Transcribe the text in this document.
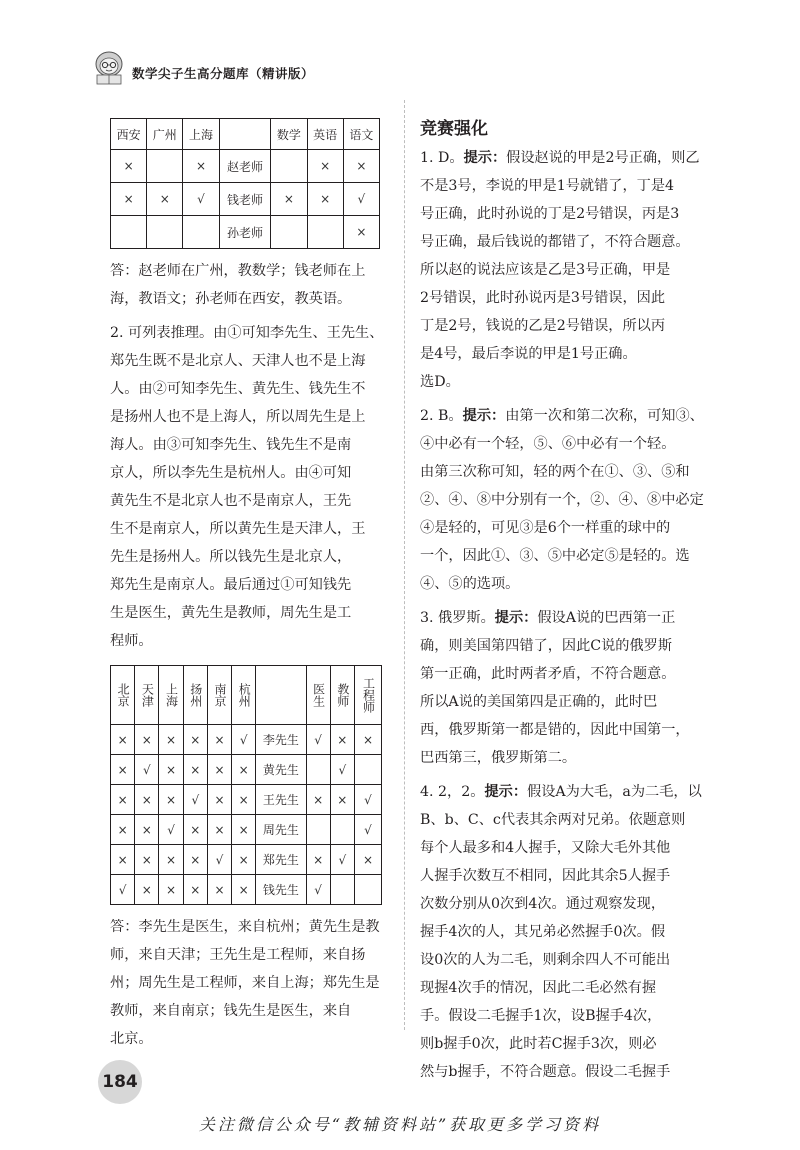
数学尖子生高分题库（精讲版）
西安	广州	上海		数学	英语	语文
×		×	赵老师		×	×
×	×	√	钱老师	×	×	√
			孙老师			×

答：赵老师在广州，教数学；钱老师在上

海，教语文；孙老师在西安，教英语。

2. 可列表推理。由①可知李先生、王先生、

郑先生既不是北京人、天津人也不是上海

人。由②可知李先生、黄先生、钱先生不

是扬州人也不是上海人，所以周先生是上

海人。由③可知李先生、钱先生不是南

京人，所以李先生是杭州人。由④可知

黄先生不是北京人也不是南京人，王先

生不是南京人，所以黄先生是天津人，王

先生是扬州人。所以钱先生是北京人，

郑先生是南京人。最后通过①可知钱先

生是医生，黄先生是教师，周先生是工

程师。

北京	天津	上海	扬州	南京	杭州		医生	教师	工程师

×	×	×	×	×	√	李先生	√	×	×
×	√	×	×	×	×	黄先生		√	
×	×	×	√	×	×	王先生	×	×	√
×	×	√	×	×	×	周先生			√
×	×	×	×	√	×	郑先生	×	√	×
√	×	×	×	×	×	钱先生	√		

答：李先生是医生，来自杭州；黄先生是教

师，来自天津；王先生是工程师，来自扬

州；周先生是工程师，来自上海；郑先生是

教师，来自南京；钱先生是医生，来自

北京。

竞赛强化

1. D。提示：假设赵说的甲是2号正确，则乙

不是3号，李说的甲是1号就错了，丁是4

号正确，此时孙说的丁是2号错误，丙是3

号正确，最后钱说的都错了，不符合题意。

所以赵的说法应该是乙是3号正确，甲是

2号错误，此时孙说丙是3号错误，因此

丁是2号，钱说的乙是2号错误，所以丙

是4号，最后李说的甲是1号正确。

选D。

2. B。提示：由第一次和第二次称，可知③、

④中必有一个轻，⑤、⑥中必有一个轻。

由第三次称可知，轻的两个在①、③、⑤和

②、④、⑧中分别有一个，②、④、⑧中必定

④是轻的，可见③是6个一样重的球中的

一个，因此①、③、⑤中必定⑤是轻的。选

④、⑤的选项。

3. 俄罗斯。提示：假设A说的巴西第一正

确，则美国第四错了，因此C说的俄罗斯

第一正确，此时两者矛盾，不符合题意。

所以A说的美国第四是正确的，此时巴

西，俄罗斯第一都是错的，因此中国第一，

巴西第三，俄罗斯第二。

4. 2，2。提示：假设A为大毛，a为二毛，以

B、b、C、c代表其余两对兄弟。依题意则

每个人最多和4人握手，又除大毛外其他

人握手次数互不相同，因此其余5人握手

次数分别从0次到4次。通过观察发现，

握手4次的人，其兄弟必然握手0次。假

设0次的人为二毛，则剩余四人不可能出

现握4次手的情况，因此二毛必然有握

手。假设二毛握手1次，设B握手4次，

则b握手0次，此时若C握手3次，则必

然与b握手，不符合题意。假设二毛握手

184
关注微信公众号“教辅资料站”获取更多学习资料
